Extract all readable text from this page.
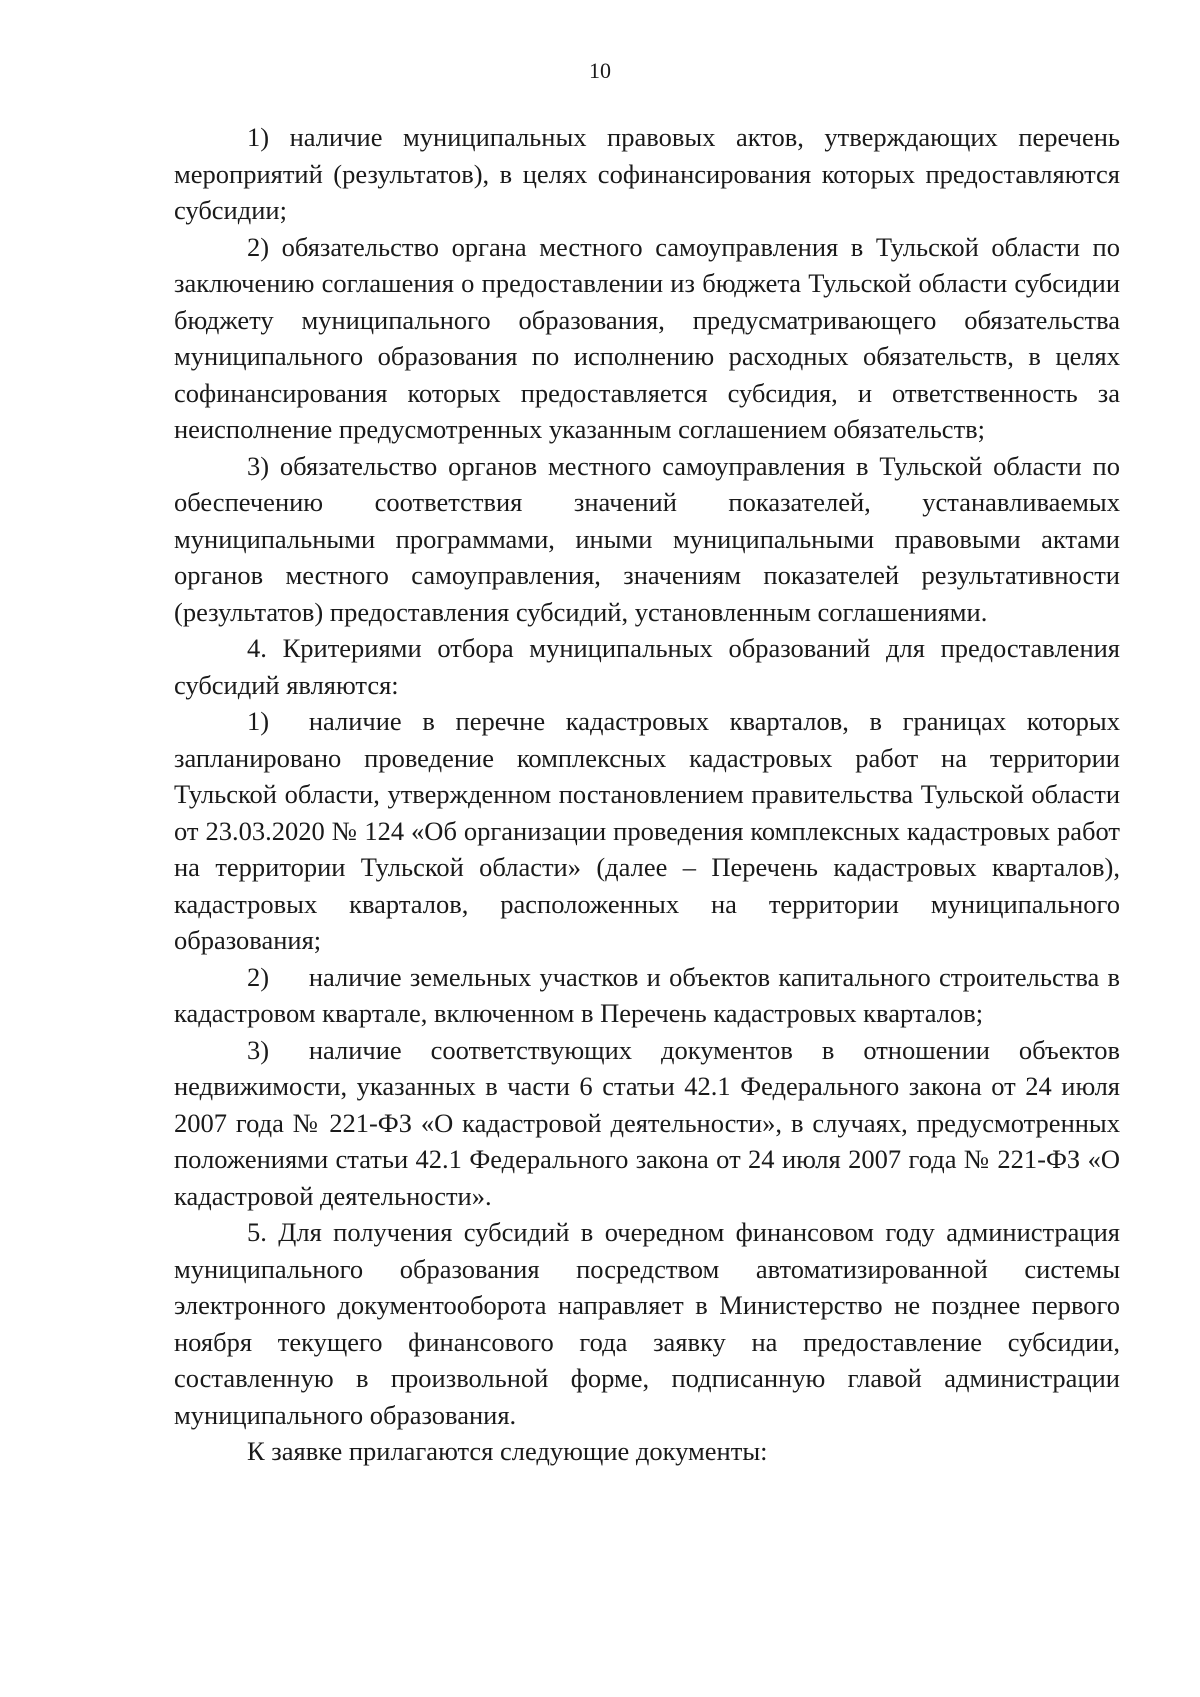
10

1) наличие муниципальных правовых актов, утверждающих перечень мероприятий (результатов), в целях софинансирования которых предоставляются субсидии;

2) обязательство органа местного самоуправления в Тульской области по заключению соглашения о предоставлении из бюджета Тульской области субсидии бюджету муниципального образования, предусматривающего обязательства муниципального образования по исполнению расходных обязательств, в целях софинансирования которых предоставляется субсидия, и ответственность за неисполнение предусмотренных указанным соглашением обязательств;

3) обязательство органов местного самоуправления в Тульской области по обеспечению соответствия значений показателей, устанавливаемых муниципальными программами, иными муниципальными правовыми актами органов местного самоуправления, значениям показателей результативности (результатов) предоставления субсидий, установленным соглашениями.

4. Критериями отбора муниципальных образований для предоставления субсидий являются:

1)  наличие в перечне кадастровых кварталов, в границах которых запланировано проведение комплексных кадастровых работ на территории Тульской области, утвержденном постановлением правительства Тульской области от 23.03.2020 № 124 «Об организации проведения комплексных кадастровых работ на территории Тульской области» (далее – Перечень кадастровых кварталов), кадастровых кварталов, расположенных на территории муниципального образования;

2)  наличие земельных участков и объектов капитального строительства в кадастровом квартале, включенном в Перечень кадастровых кварталов;

3)  наличие соответствующих документов в отношении объектов недвижимости, указанных в части 6 статьи 42.1 Федерального закона от 24 июля 2007 года № 221-ФЗ «О кадастровой деятельности», в случаях, предусмотренных положениями статьи 42.1 Федерального закона от 24 июля 2007 года № 221-ФЗ «О кадастровой деятельности».

5. Для получения субсидий в очередном финансовом году администрация муниципального образования посредством автоматизированной системы электронного документооборота направляет в Министерство не позднее первого ноября текущего финансового года заявку на предоставление субсидии, составленную в произвольной форме, подписанную главой администрации муниципального образования.

К заявке прилагаются следующие документы:
